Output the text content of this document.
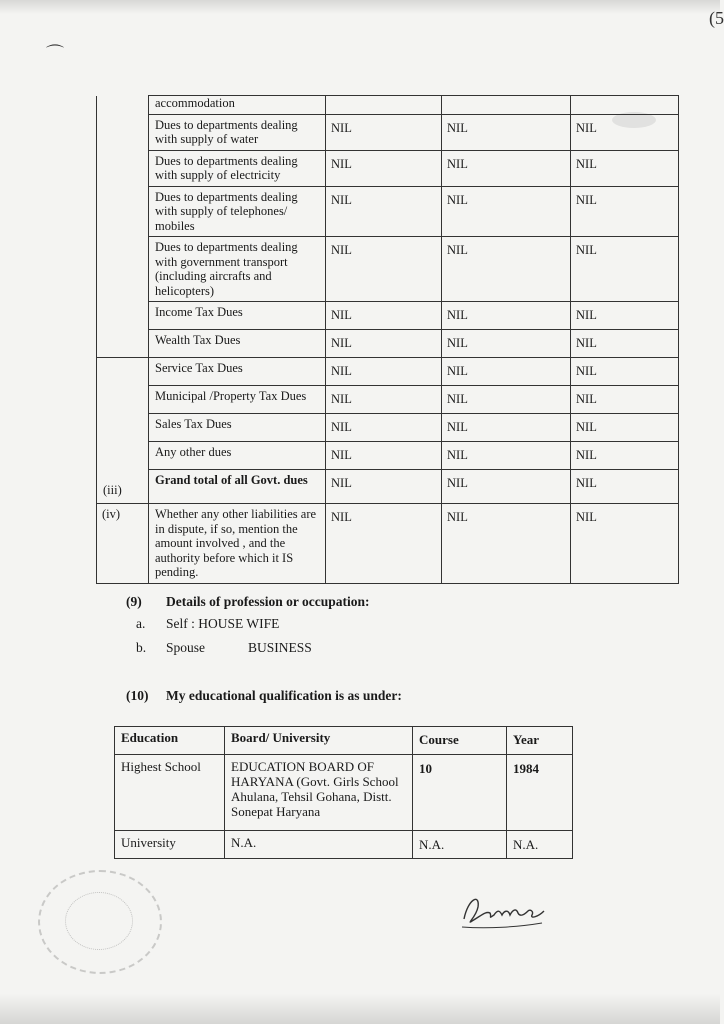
⌒
(5
	accommodation			
	Dues to departments dealing with supply of water	NIL	NIL	NIL
	Dues to departments dealing with supply of electricity	NIL	NIL	NIL
	Dues to departments dealing with supply of telephones/ mobiles	NIL	NIL	NIL
	Dues to departments dealing with government transport (including aircrafts and helicopters)	NIL	NIL	NIL
	Income Tax Dues	NIL	NIL	NIL
	Wealth Tax Dues	NIL	NIL	NIL
(iii)	Service Tax Dues	NIL	NIL	NIL
	Municipal /Property Tax Dues	NIL	NIL	NIL
	Sales Tax Dues	NIL	NIL	NIL
	Any other dues	NIL	NIL	NIL
	Grand total of all Govt. dues	NIL	NIL	NIL
(iv)	Whether any other liabilities are in dispute, if so, mention the amount involved , and the authority before which it IS pending.	NIL	NIL	NIL
(9) Details of profession or occupation:
a. Self : HOUSE WIFE
b. Spouse	BUSINESS
(10) My educational qualification is as under:
Education	Board/ University	Course	Year
Highest School	EDUCATION BOARD OF HARYANA (Govt. Girls School Ahulana, Tehsil Gohana, Distt. Sonepat Haryana	10	1984
University	N.A.	N.A.	N.A.
